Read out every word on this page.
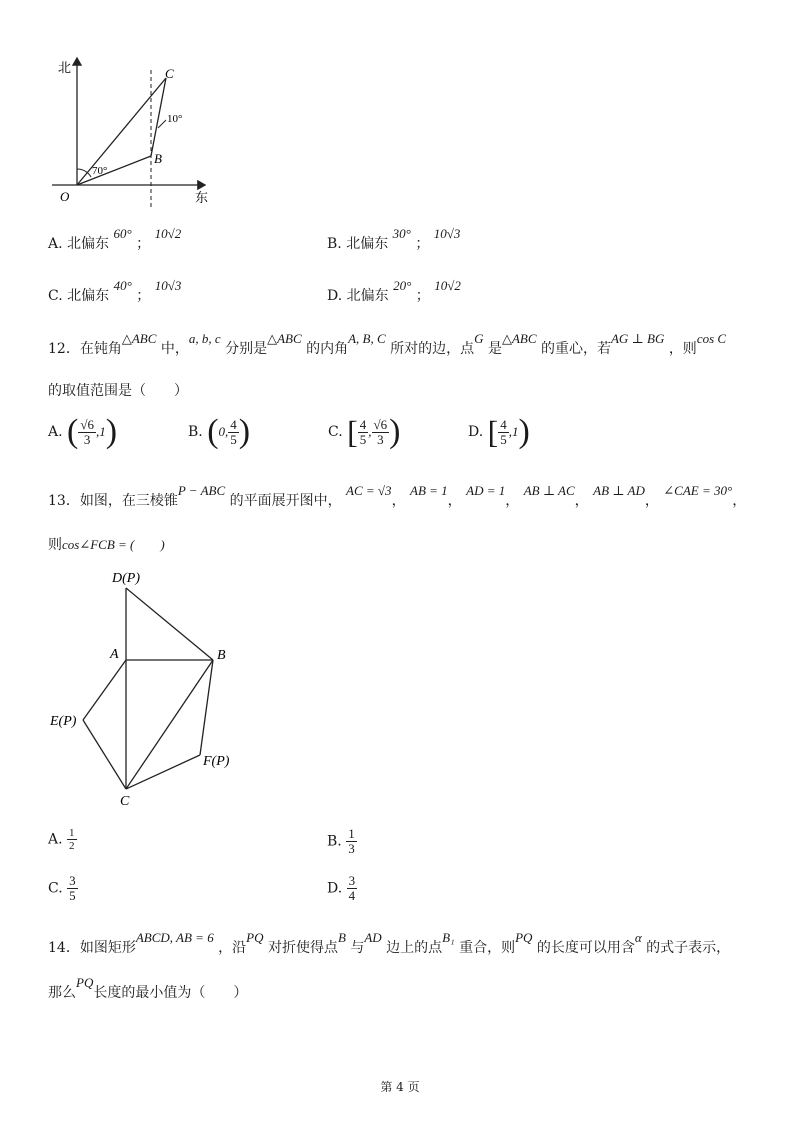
北
东
O
B
C
70°
10°
A. 北偏东 60° ； 10√2
B. 北偏东 30° ； 10√3
C. 北偏东 40° ； 10√3
D. 北偏东 20° ； 10√2
12．在钝角△ABC 中，a, b, c 分别是△ABC 的内角A, B, C 所对的边，点G 是△ABC 的重心，若AG ⊥ BG ，则cos C
的取值范围是（　　）
A. ( $\frac{√6}{3} ,1$)	B. (0, $\frac{4}{5}$ )	C. [ $\frac{4}{5}$ , $\frac{√6}{3}$ )	D. [ $\frac{4}{5} ,1$)
13．如图，在三棱锥P − ABC 的平面展开图中， AC = √3， AB = 1， AD = 1， AB ⊥ AC， AB ⊥ AD， ∠CAE = 30°，
则cos∠FCB = (　　)
D(P)
A	B
E(P)
F(P)
C
A. $\frac{1}{2}$	B. $\frac{1}{3}$
C. $\frac{3}{5}$	D. $\frac{3}{4}$
14．如图矩形ABCD, AB = 6 ，沿PQ 对折使得点B 与AD 边上的点B₁ 重合，则PQ 的长度可以用含α 的式子表示，
那么PQ长度的最小值为（　　）
第 4 页
